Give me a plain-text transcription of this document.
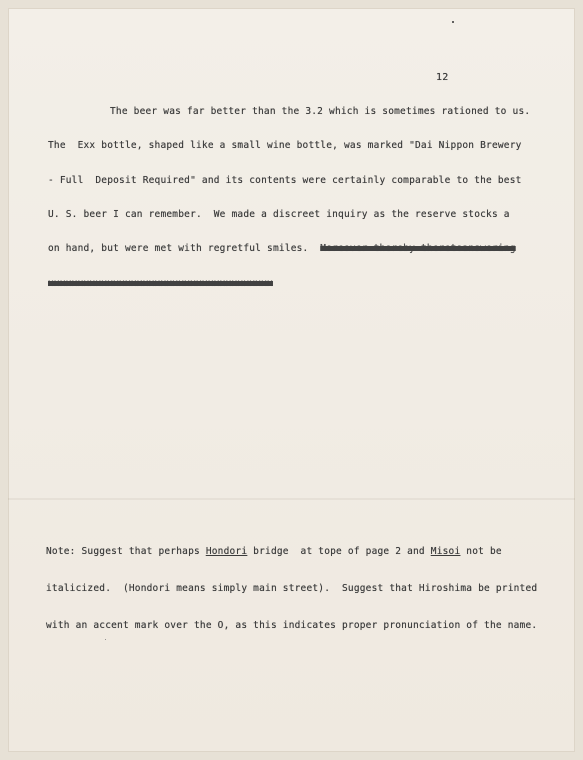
12
The beer was far better than the 3.2 which is sometimes rationed to us.
The  Exx bottle, shaped like a small wine bottle, was marked "Dai Nippon Brewery
- Full  Deposit Required" and its contents were certainly comparable to the best
U. S. beer I can remember.  We made a discreet inquiry as the reserve stocks a
on hand, but were met with regretful smiles.  Moreover thereby theretoanswering
xxxxxxxxxxxxxxxxxxxxxxxxxxxxxxxxxxxxxx
Note: Suggest that perhaps Hondori bridge  at tope of page 2 and Misoi not be
italicized.  (Hondori means simply main street).  Suggest that Hiroshima be printed
with an accent mark over the O, as this indicates proper pronunciation of the name.
